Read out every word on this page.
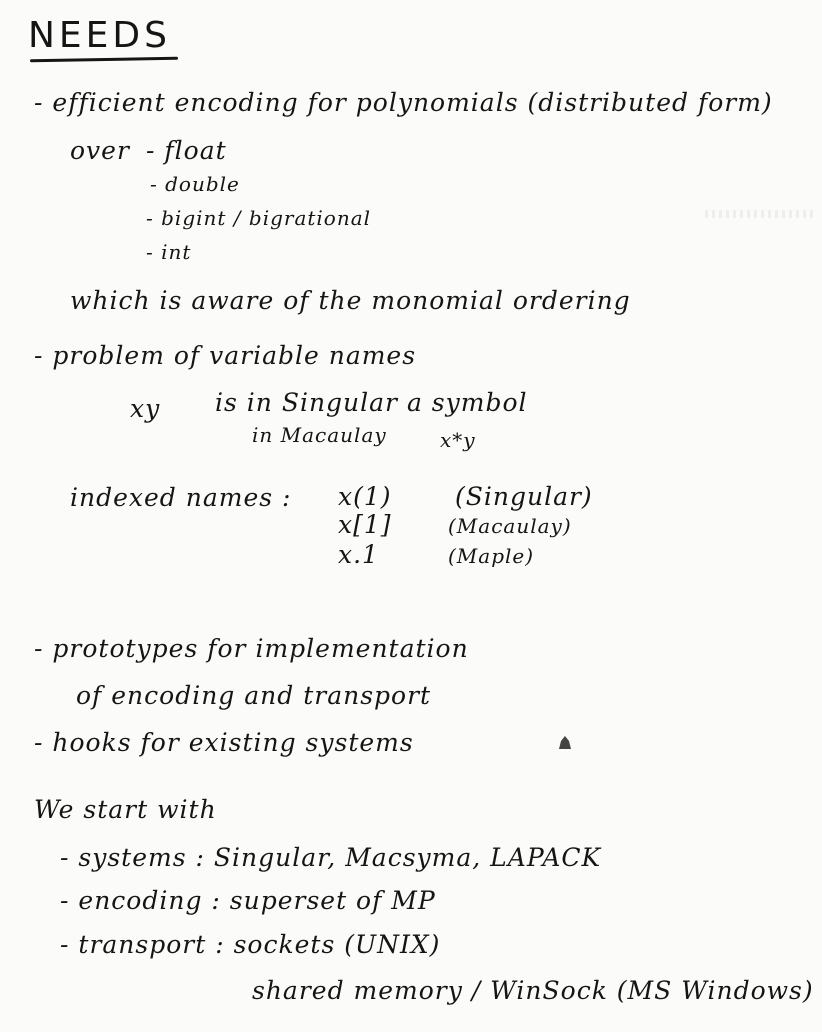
NEEDS
- efficient encoding for polynomials (distributed form)
over - float
- double
- bigint / bigrational
- int
which is aware of the monomial ordering
- problem of variable names
xy is in Singular a symbol
in Macaulay	x*y
indexed names : x(1)	(Singular)
x[1]	(Macaulay)
x.1	(Maple)
- prototypes for implementation
of encoding and transport
- hooks for existing systems
We start with
- systems : Singular, Macsyma, LAPACK
- encoding : superset of MP
- transport : sockets (UNIX)
shared memory / WinSock (MS Windows)
